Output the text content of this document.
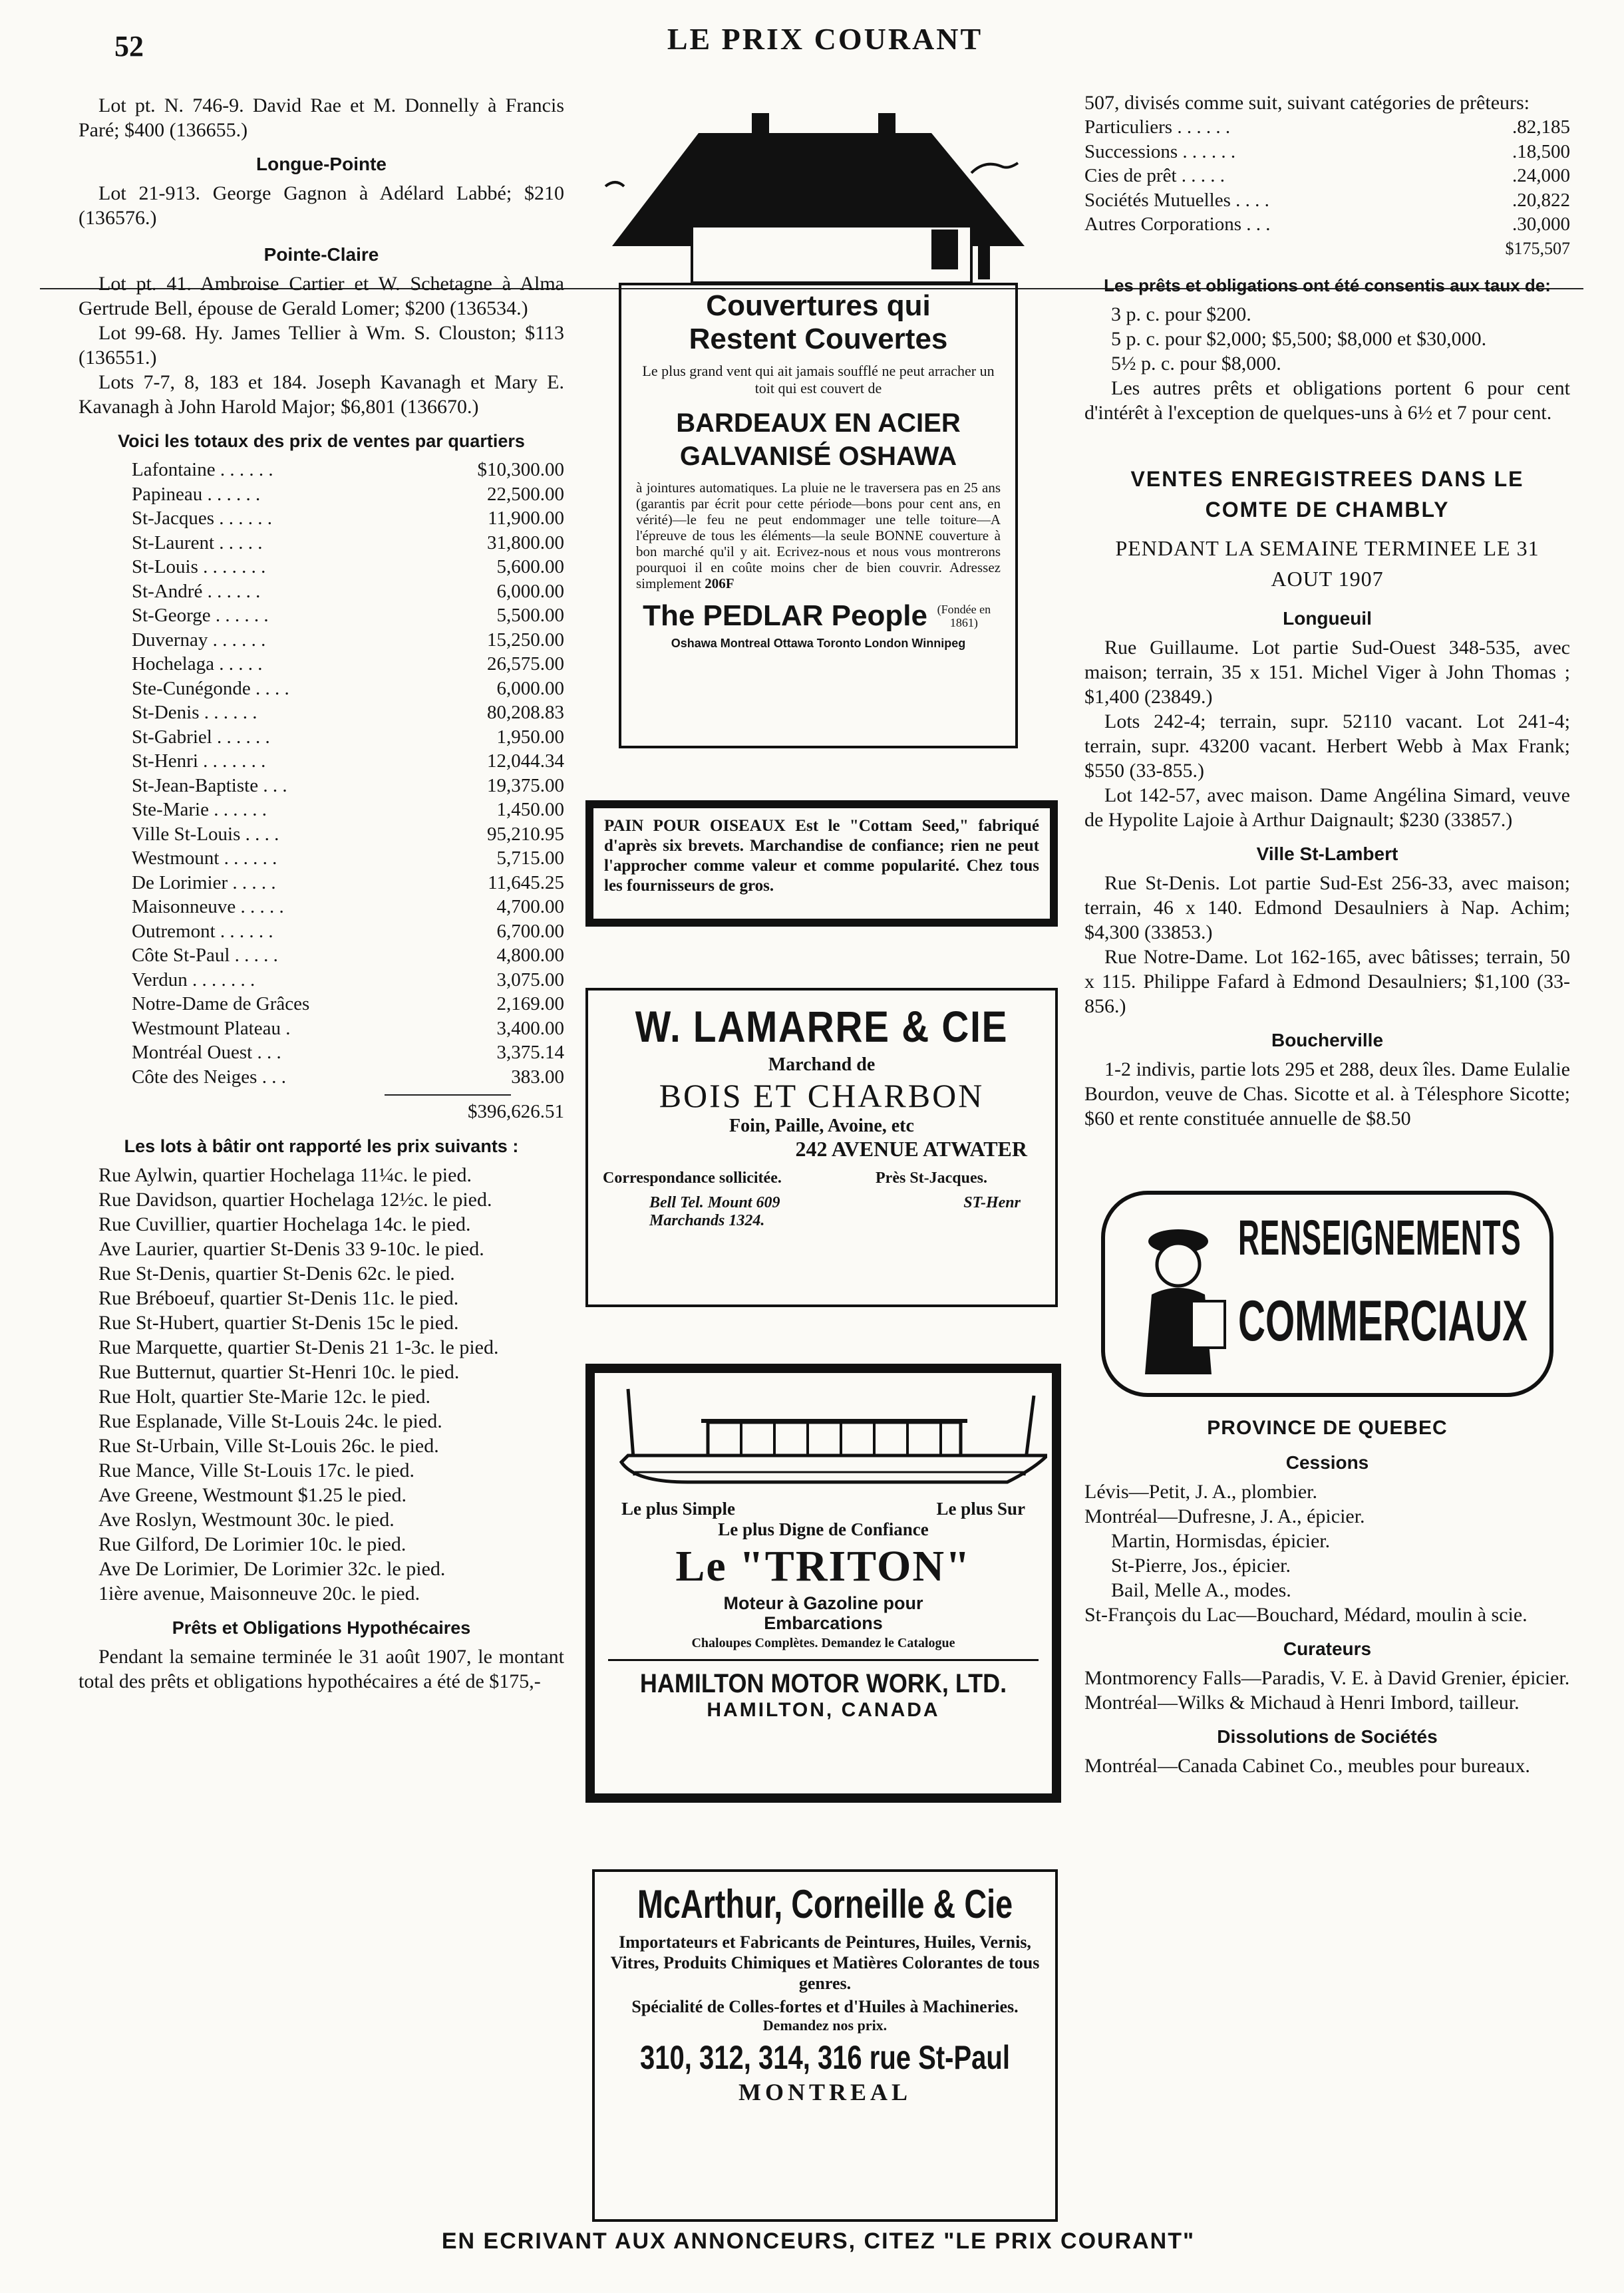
52	LE PRIX COURANT

Lot pt. N. 746-9. David Rae et M. Donnelly à Francis Paré; $400 (136655.)

Longue-Pointe

Lot 21-913. George Gagnon à Adélard Labbé; $210 (136576.)

Pointe-Claire

Lot pt. 41. Ambroise Cartier et W. Schetagne à Alma Gertrude Bell, épouse de Gerald Lomer; $200 (136534.)

Lot 99-68. Hy. James Tellier à Wm. S. Clouston; $113 (136551.)

Lots 7-7, 8, 183 et 184. Joseph Kavanagh et Mary E. Kavanagh à John Harold Major; $6,801 (136670.)

Voici les totaux des prix de ventes par quartiers
Lafontaine . . . . . .	$10,300.00
Papineau . . . . . .	22,500.00
St-Jacques . . . . . .	11,900.00
St-Laurent . . . . .	31,800.00
St-Louis . . . . . . .	5,600.00
St-André . . . . . .	6,000.00
St-George . . . . . .	5,500.00
Duvernay . . . . . .	15,250.00
Hochelaga . . . . .	26,575.00
Ste-Cunégonde . . . .	6,000.00
St-Denis . . . . . .	80,208.83
St-Gabriel . . . . . .	1,950.00
St-Henri . . . . . . .	12,044.34
St-Jean-Baptiste . . .	19,375.00
Ste-Marie . . . . . .	1,450.00
Ville St-Louis . . . .	95,210.95
Westmount . . . . . .	5,715.00
De Lorimier . . . . .	11,645.25
Maisonneuve . . . . .	4,700.00
Outremont . . . . . .	6,700.00
Côte St-Paul . . . . .	4,800.00
Verdun . . . . . . .	3,075.00
Notre-Dame de Grâces	2,169.00
Westmount Plateau .	3,400.00
Montréal Ouest . . .	3,375.14
Côte des Neiges . . .	383.00
$396,626.51
Les lots à bâtir ont rapporté les prix suivants :

Rue Aylwin, quartier Hochelaga 11¼c. le pied.

Rue Davidson, quartier Hochelaga 12½c. le pied.

Rue Cuvillier, quartier Hochelaga 14c. le pied.

Ave Laurier, quartier St-Denis 33 9-10c. le pied.

Rue St-Denis, quartier St-Denis 62c. le pied.

Rue Bréboeuf, quartier St-Denis 11c. le pied.

Rue St-Hubert, quartier St-Denis 15c le pied.

Rue Marquette, quartier St-Denis 21 1-3c. le pied.

Rue Butternut, quartier St-Henri 10c. le pied.

Rue Holt, quartier Ste-Marie 12c. le pied.

Rue Esplanade, Ville St-Louis 24c. le pied.

Rue St-Urbain, Ville St-Louis 26c. le pied.

Rue Mance, Ville St-Louis 17c. le pied.

Ave Greene, Westmount $1.25 le pied.

Ave Roslyn, Westmount 30c. le pied.

Rue Gilford, De Lorimier 10c. le pied.

Ave De Lorimier, De Lorimier 32c. le pied.

1ière avenue, Maisonneuve 20c. le pied.

Prêts et Obligations Hypothécaires

Pendant la semaine terminée le 31 août 1907, le montant total des prêts et obligations hypothécaires a été de $175,-

Couvertures qui
Restent Couvertes
Le plus grand vent qui ait jamais soufflé ne peut arracher un toit qui est couvert de
BARDEAUX EN ACIER
GALVANISÉ OSHAWA
à jointures automatiques. La pluie ne le traversera pas en 25 ans (garantis par écrit pour cette période—bons pour cent ans, en vérité)—le feu ne peut endommager une telle toiture—A l'épreuve de tous les éléments—la seule BONNE couverture à bon marché qu'il y ait. Ecrivez-nous et nous vous montrerons pourquoi il en coûte moins cher de bien couvrir. Adressez simplement 206F
The PEDLAR People (Fondée en 1861)
Oshawa Montreal Ottawa Toronto London Winnipeg
PAIN POUR OISEAUX Est le "Cottam Seed," fabriqué d'après six brevets. Marchandise de confiance; rien ne peut l'approcher comme valeur et comme popularité. Chez tous les fournisseurs de gros.
W. LAMARRE & CIE
Marchand de
BOIS ET CHARBON
Foin, Paille, Avoine, etc
242 AVENUE ATWATER
Correspondance sollicitée.	Près St-Jacques.
Bell Tel. Mount 609
Marchands 1324.
ST-Henr
Le plus Simple	Le plus Sur
Le plus Digne de Confiance
Le "TRITON"
Moteur à Gazoline pour
Embarcations
Chaloupes Complètes. Demandez le Catalogue
HAMILTON MOTOR WORK, LTD.
HAMILTON, CANADA
McArthur, Corneille & Cie
Importateurs et Fabricants de Peintures, Huiles, Vernis, Vitres, Produits Chimiques et Matières Colorantes de tous genres.
Spécialité de Colles-fortes et d'Huiles à Machineries.
Demandez nos prix.
310, 312, 314, 316 rue St-Paul
MONTREAL

507, divisés comme suit, suivant catégories de prêteurs:

Particuliers . . . . . .	.82,185
Successions . . . . . .	.18,500
Cies de prêt . . . . .	.24,000
Sociétés Mutuelles . . . .	.20,822
Autres Corporations . . .	.30,000
$175,507
Les prêts et obligations ont été consentis aux taux de:

3 p. c. pour $200.

5 p. c. pour $2,000; $5,500; $8,000 et $30,000.

5½ p. c. pour $8,000.

Les autres prêts et obligations portent 6 pour cent d'intérêt à l'exception de quelques-uns à 6½ et 7 pour cent.

VENTES ENREGISTREES DANS LE COMTE DE CHAMBLY
PENDANT LA SEMAINE TERMINEE LE 31 AOUT 1907
Longueuil

Rue Guillaume. Lot partie Sud-Ouest 348-535, avec maison; terrain, 35 x 151. Michel Viger à John Thomas ; $1,400 (23849.)

Lots 242-4; terrain, supr. 52110 vacant. Lot 241-4; terrain, supr. 43200 vacant. Herbert Webb à Max Frank; $550 (33-855.)

Lot 142-57, avec maison. Dame Angélina Simard, veuve de Hypolite Lajoie à Arthur Daignault; $230 (33857.)

Ville St-Lambert

Rue St-Denis. Lot partie Sud-Est 256-33, avec maison; terrain, 46 x 140. Edmond Desaulniers à Nap. Achim; $4,300 (33853.)

Rue Notre-Dame. Lot 162-165, avec bâtisses; terrain, 50 x 115. Philippe Fafard à Edmond Desaulniers; $1,100 (33-856.)

Boucherville

1-2 indivis, partie lots 295 et 288, deux îles. Dame Eulalie Bourdon, veuve de Chas. Sicotte et al. à Télesphore Sicotte; $60 et rente constituée annuelle de $8.50

RENSEIGNEMENTS
COMMERCIAUX
PROVINCE DE QUEBEC
Cessions

Lévis—Petit, J. A., plombier.

Montréal—Dufresne, J. A., épicier.

Martin, Hormisdas, épicier.

St-Pierre, Jos., épicier.

Bail, Melle A., modes.

St-François du Lac—Bouchard, Médard, moulin à scie.

Curateurs

Montmorency Falls—Paradis, V. E. à David Grenier, épicier.

Montréal—Wilks & Michaud à Henri Imbord, tailleur.

Dissolutions de Sociétés

Montréal—Canada Cabinet Co., meubles pour bureaux.

EN ECRIVANT AUX ANNONCEURS, CITEZ "LE PRIX COURANT"
